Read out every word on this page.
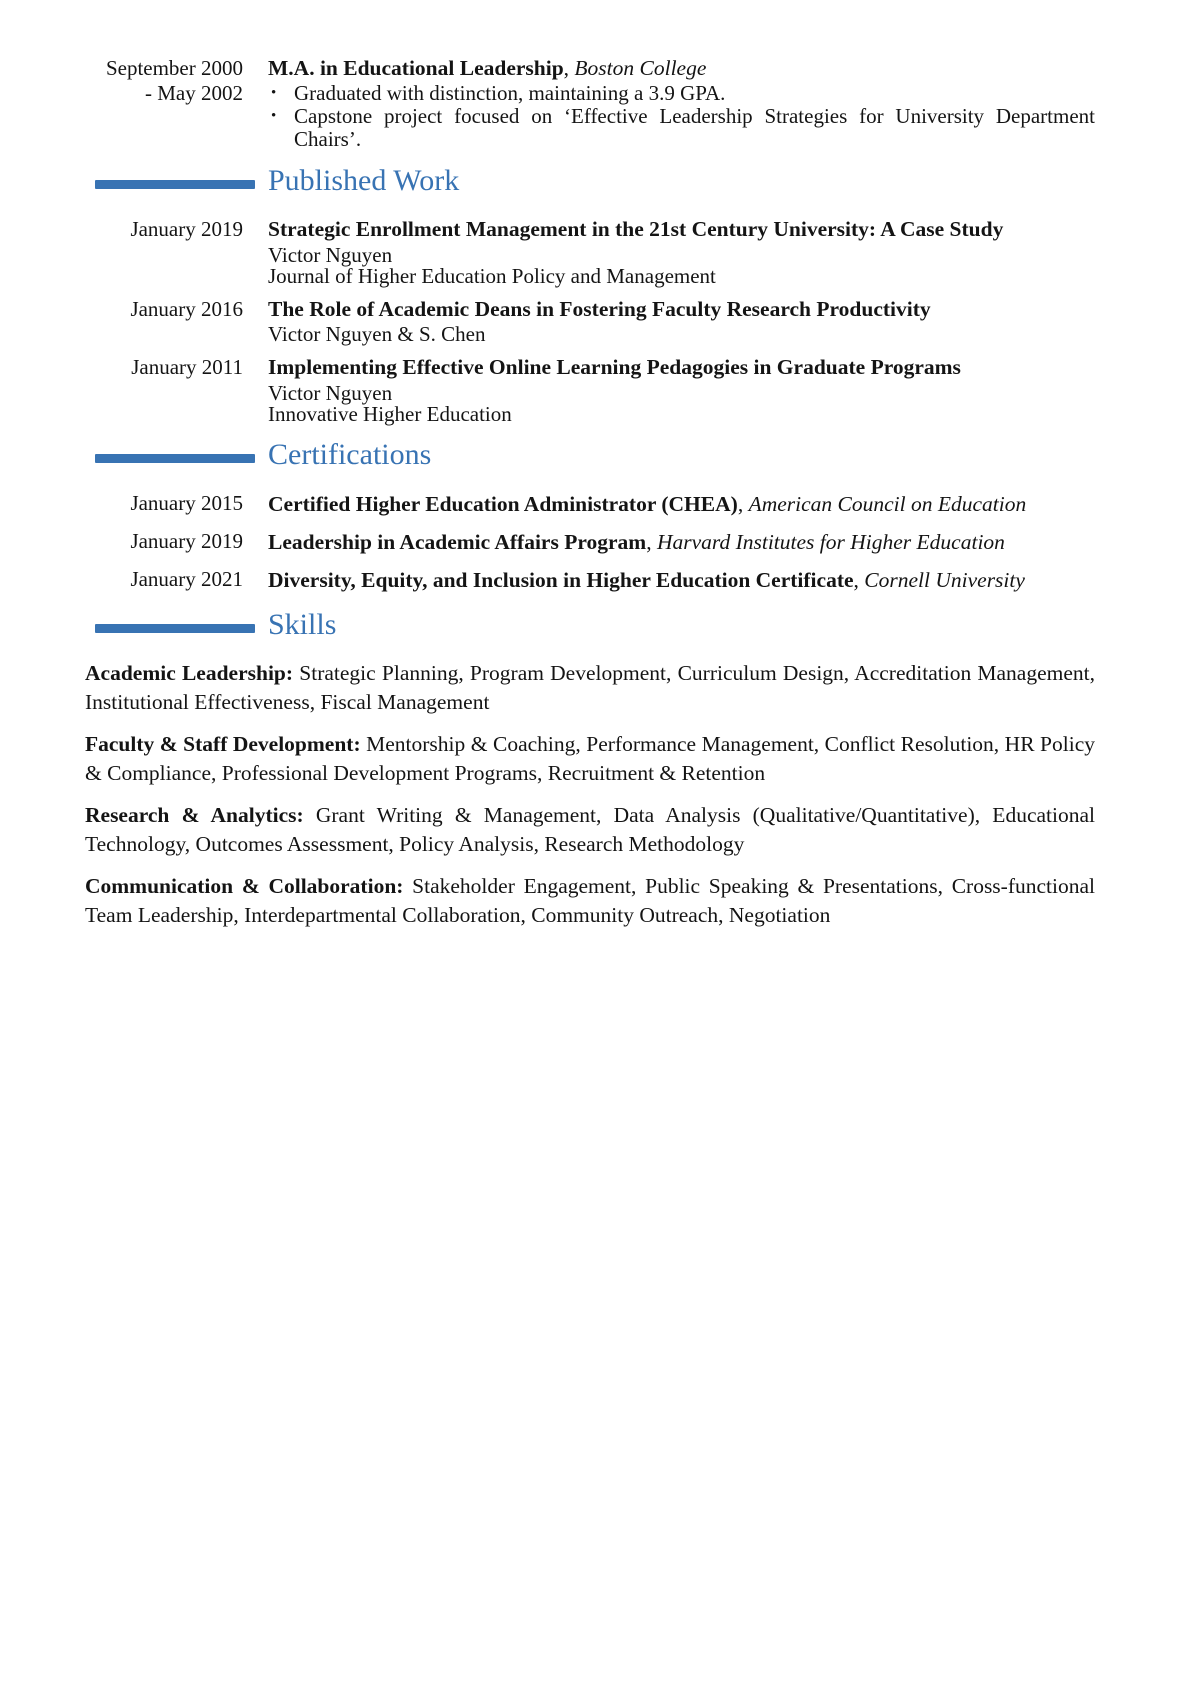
September 2000 - May 2002
M.A. in Educational Leadership, Boston College
• Graduated with distinction, maintaining a 3.9 GPA.
• Capstone project focused on ‘Effective Leadership Strategies for University Department Chairs’.
Published Work
January 2019 Strategic Enrollment Management in the 21st Century University: A Case Study
Victor Nguyen
Journal of Higher Education Policy and Management
January 2016 The Role of Academic Deans in Fostering Faculty Research Productivity
Victor Nguyen & S. Chen
January 2011 Implementing Effective Online Learning Pedagogies in Graduate Programs
Victor Nguyen
Innovative Higher Education
Certifications
January 2015 Certified Higher Education Administrator (CHEA), American Council on Education
January 2019 Leadership in Academic Affairs Program, Harvard Institutes for Higher Education
January 2021 Diversity, Equity, and Inclusion in Higher Education Certificate, Cornell University
Skills

Academic Leadership: Strategic Planning, Program Development, Curriculum Design, Accreditation Management, Institutional Effectiveness, Fiscal Management

Faculty & Staff Development: Mentorship & Coaching, Performance Management, Conflict Resolution, HR Policy & Compliance, Professional Development Programs, Recruitment & Retention

Research & Analytics: Grant Writing & Management, Data Analysis (Qualitative/Quantitative), Educational Technology, Outcomes Assessment, Policy Analysis, Research Methodology

Communication & Collaboration: Stakeholder Engagement, Public Speaking & Presentations, Cross-functional Team Leadership, Interdepartmental Collaboration, Community Outreach, Negotiation
